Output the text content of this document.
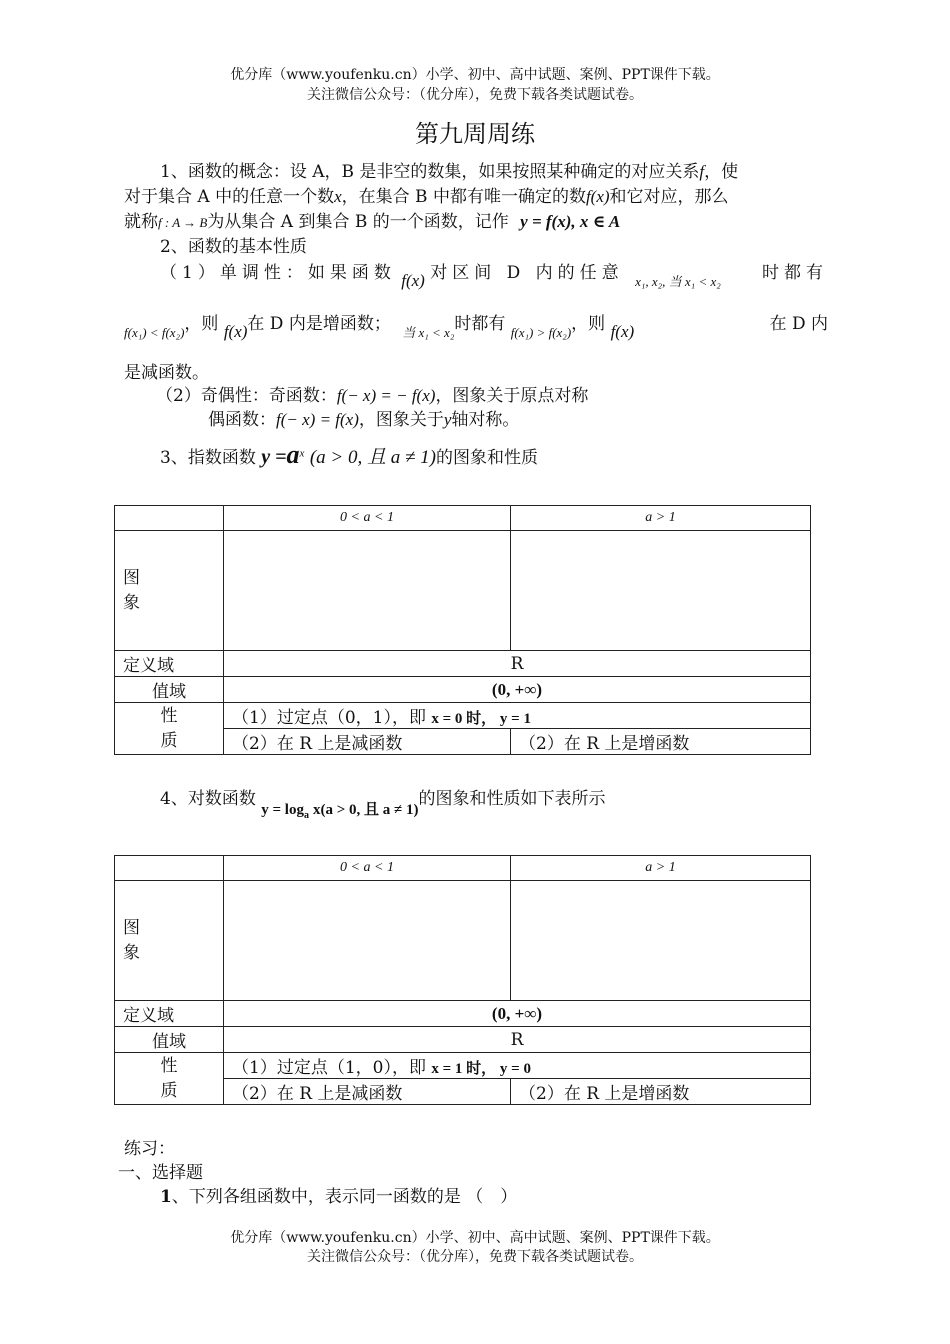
优分库（www.youfenku.cn）小学、初中、高中试题、案例、PPT课件下载。
关注微信公众号：（优分库），免费下载各类试题试卷。
第九周周练
1、函数的概念：设 A，B 是非空的数集，如果按照某种确定的对应关系f，使
对于集合 A 中的任意一个数x，在集合 B 中都有唯一确定的数f(x)和它对应，那么
就称f : A → B为从集合 A 到集合 B 的一个函数，记作 y = f(x), x ∈ A
2、函数的基本性质
（1）单调性：如果函数 f(x) 对区间 D 内的任意 $_{x_1, x_2, 当 x_1 < x_2}$ 时都有
$_{f(x_1) < f(x_2)}$，则 f(x)在 D 内是增函数； $_{当 x_1 < x_2}$时都有 $_{f(x_1) > f(x_2)}$，则 f(x)	在 D 内
是减函数。
（2）奇偶性：奇函数：f(− x) = − f(x)，图象关于原点对称
偶函数：f(− x) = f(x)，图象关于y轴对称。
3、指数函数 $y =a^x$ (a > 0, 且 a ≠ 1)的图象和性质
	0 < a < 1	a > 1

图
象		

定义域	R	
值域	(0, +∞)	

性
质	（1）过定点（0，1），即 x = 0 时， y = 1	
	（2）在 R 上是减函数	（2）在 R 上是增函数
4、对数函数 $y = \log_a x(a > 0$, 且 a ≠ 1)的图象和性质如下表所示
	0 < a < 1	a > 1

图
象		

定义域	(0, +∞)	
值域	R	

性
质	（1）过定点（1，0），即 x = 1 时， y = 0	
	（2）在 R 上是减函数	（2）在 R 上是增函数
练习：
一、选择题
1、下列各组函数中，表示同一函数的是 （　）
优分库（www.youfenku.cn）小学、初中、高中试题、案例、PPT课件下载。
关注微信公众号：（优分库），免费下载各类试题试卷。
